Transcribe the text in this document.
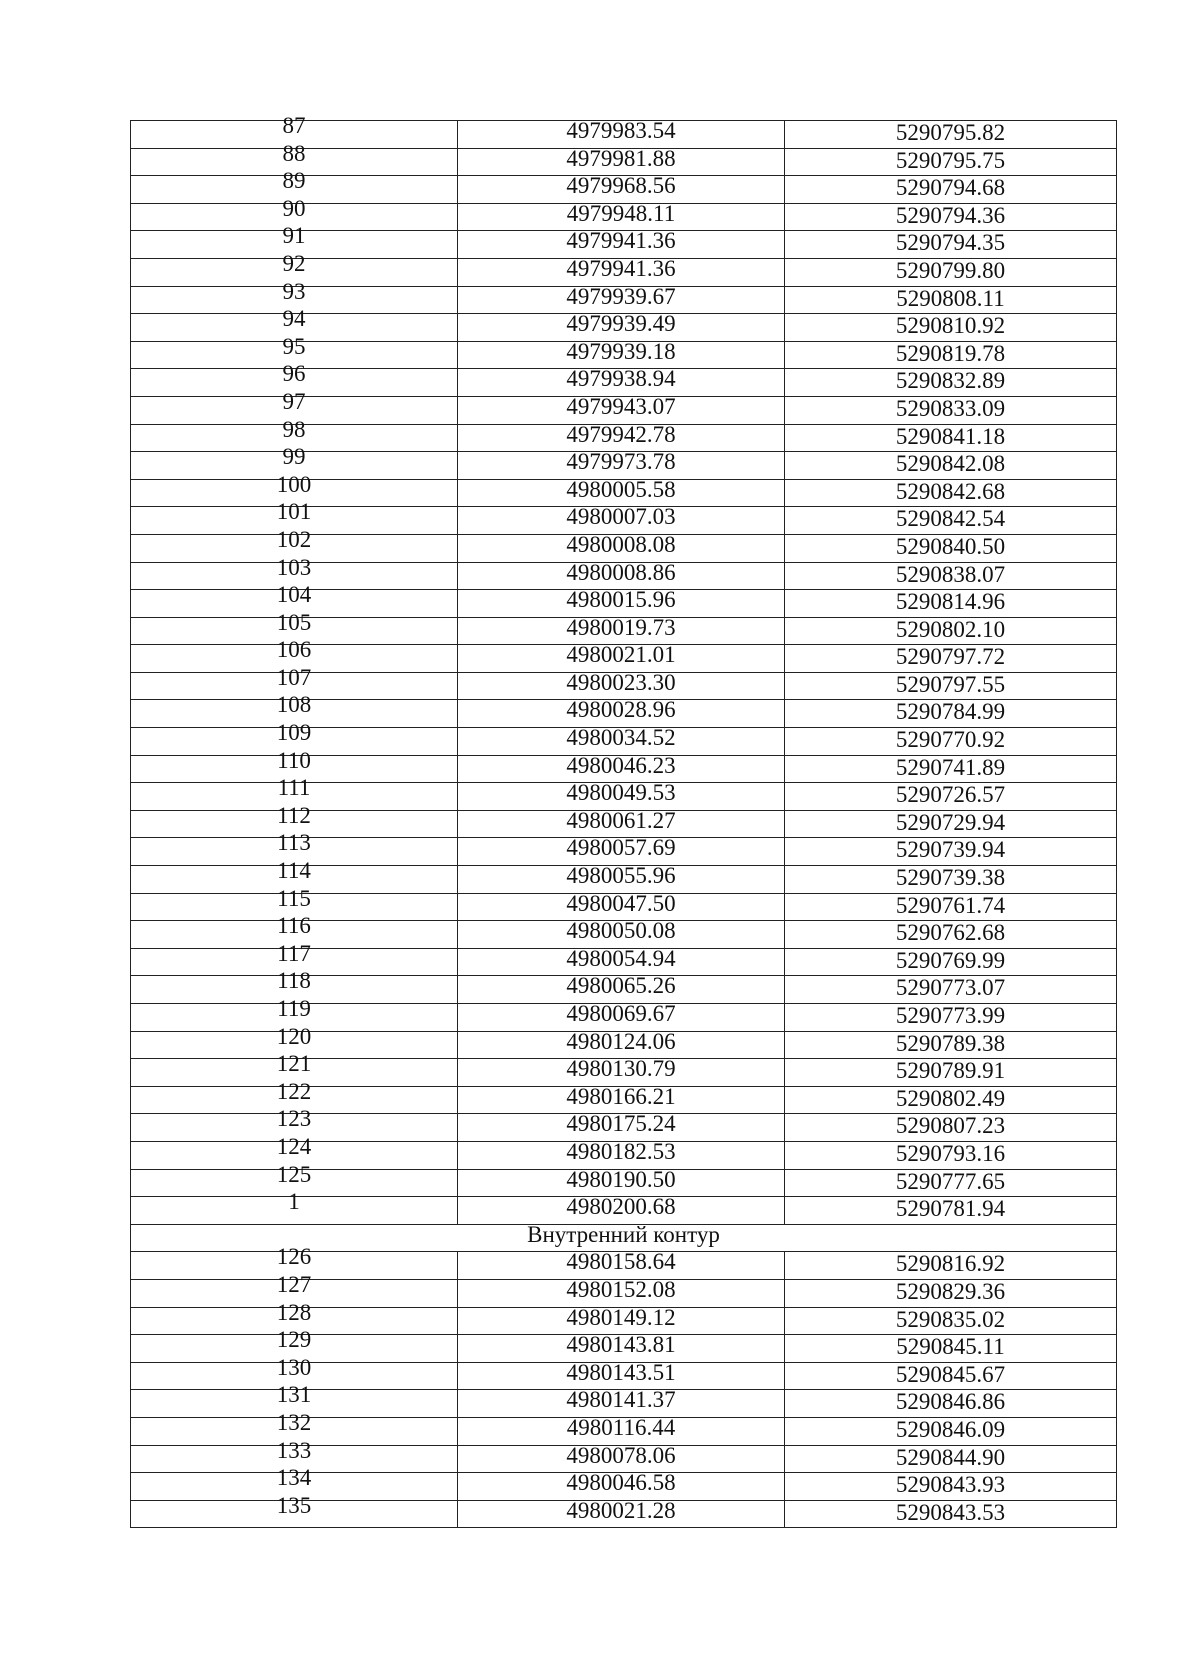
87	4979983.54	5290795.82
88	4979981.88	5290795.75
89	4979968.56	5290794.68
90	4979948.11	5290794.36
91	4979941.36	5290794.35
92	4979941.36	5290799.80
93	4979939.67	5290808.11
94	4979939.49	5290810.92
95	4979939.18	5290819.78
96	4979938.94	5290832.89
97	4979943.07	5290833.09
98	4979942.78	5290841.18
99	4979973.78	5290842.08
100	4980005.58	5290842.68
101	4980007.03	5290842.54
102	4980008.08	5290840.50
103	4980008.86	5290838.07
104	4980015.96	5290814.96
105	4980019.73	5290802.10
106	4980021.01	5290797.72
107	4980023.30	5290797.55
108	4980028.96	5290784.99
109	4980034.52	5290770.92
110	4980046.23	5290741.89
111	4980049.53	5290726.57
112	4980061.27	5290729.94
113	4980057.69	5290739.94
114	4980055.96	5290739.38
115	4980047.50	5290761.74
116	4980050.08	5290762.68
117	4980054.94	5290769.99
118	4980065.26	5290773.07
119	4980069.67	5290773.99
120	4980124.06	5290789.38
121	4980130.79	5290789.91
122	4980166.21	5290802.49
123	4980175.24	5290807.23
124	4980182.53	5290793.16
125	4980190.50	5290777.65
1	4980200.68	5290781.94
Внутренний контур		
126	4980158.64	5290816.92
127	4980152.08	5290829.36
128	4980149.12	5290835.02
129	4980143.81	5290845.11
130	4980143.51	5290845.67
131	4980141.37	5290846.86
132	4980116.44	5290846.09
133	4980078.06	5290844.90
134	4980046.58	5290843.93
135	4980021.28	5290843.53
